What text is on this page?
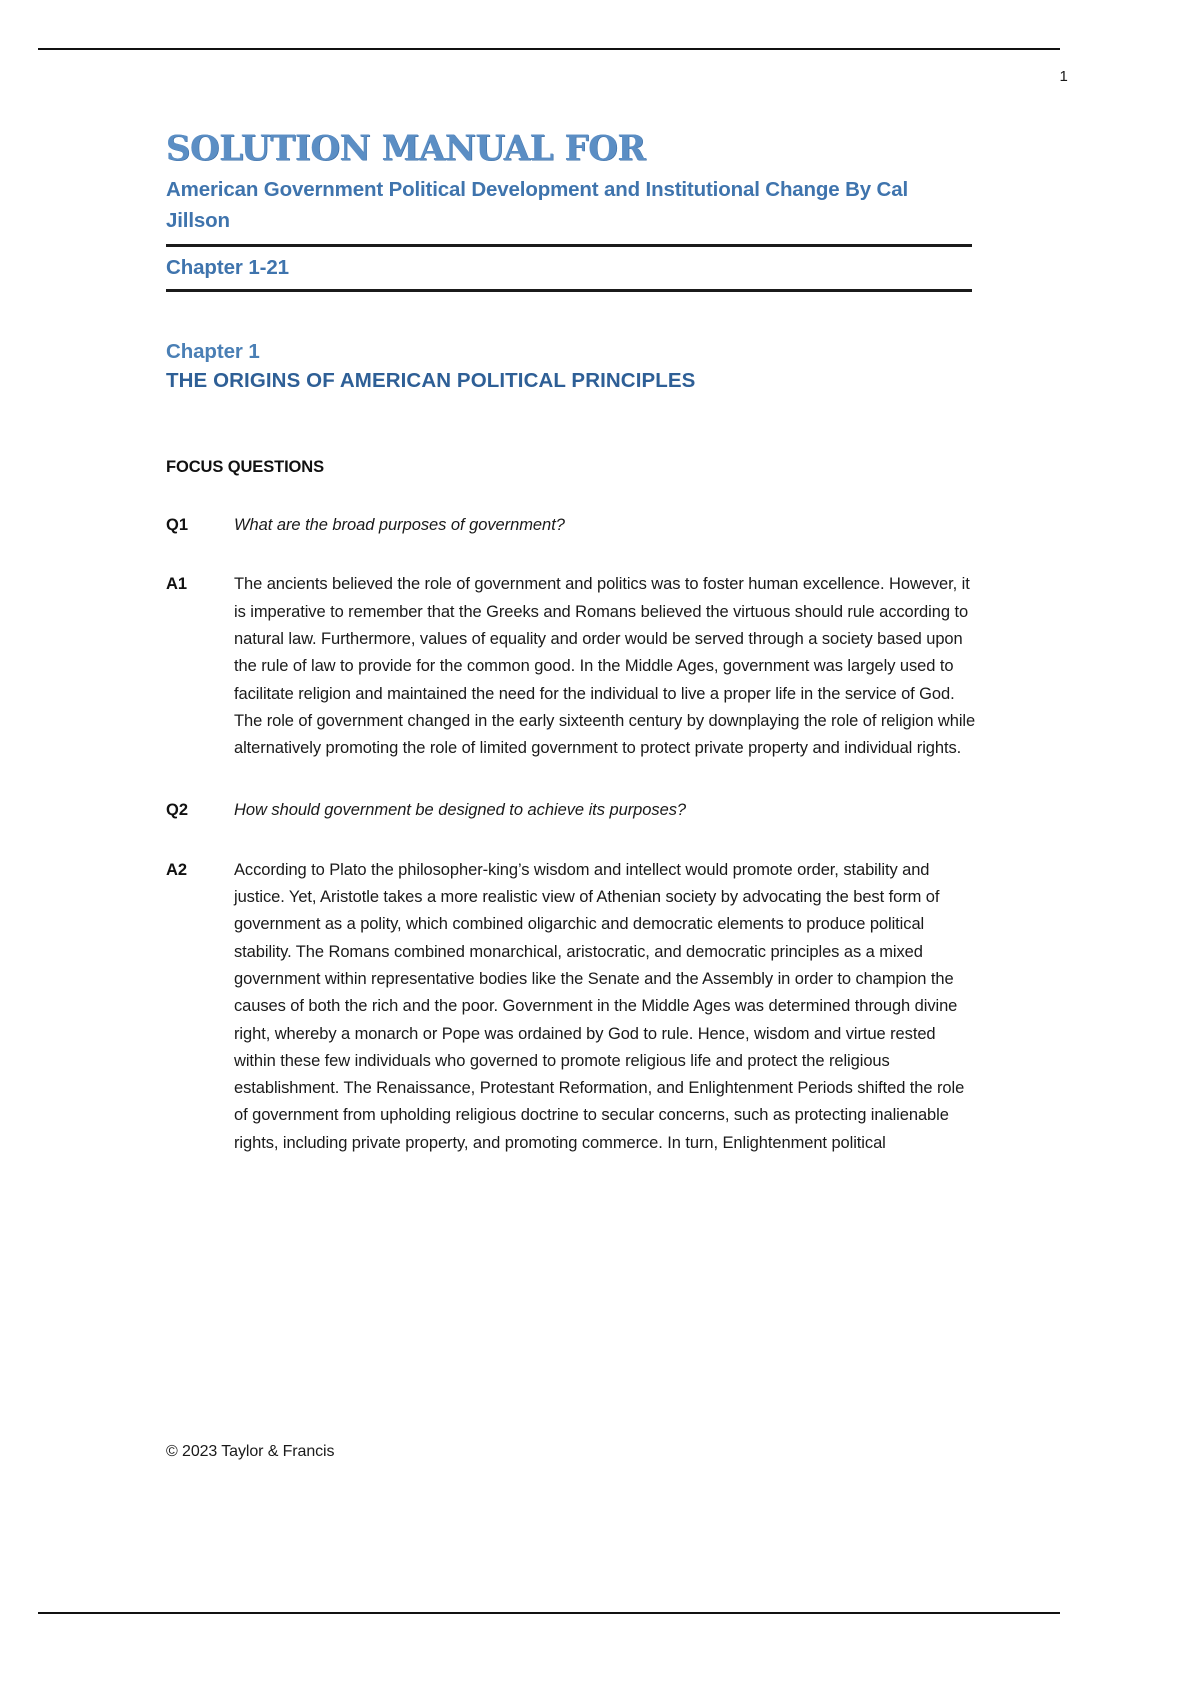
1
SOLUTION MANUAL FOR
American Government Political Development and Institutional Change By Cal Jillson
Chapter 1-21
Chapter 1
THE ORIGINS OF AMERICAN POLITICAL PRINCIPLES
FOCUS QUESTIONS
Q1	What are the broad purposes of government?
A1	The ancients believed the role of government and politics was to foster human excellence. However, it is imperative to remember that the Greeks and Romans believed the virtuous should rule according to natural law. Furthermore, values of equality and order would be served through a society based upon the rule of law to provide for the common good. In the Middle Ages, government was largely used to facilitate religion and maintained the need for the individual to live a proper life in the service of God. The role of government changed in the early sixteenth century by downplaying the role of religion while alternatively promoting the role of limited government to protect private property and individual rights.
Q2	How should government be designed to achieve its purposes?
A2	According to Plato the philosopher-king’s wisdom and intellect would promote order, stability and justice. Yet, Aristotle takes a more realistic view of Athenian society by advocating the best form of government as a polity, which combined oligarchic and democratic elements to produce political stability. The Romans combined monarchical, aristocratic, and democratic principles as a mixed government within representative bodies like the Senate and the Assembly in order to champion the causes of both the rich and the poor. Government in the Middle Ages was determined through divine right, whereby a monarch or Pope was ordained by God to rule. Hence, wisdom and virtue rested within these few individuals who governed to promote religious life and protect the religious establishment. The Renaissance, Protestant Reformation, and Enlightenment Periods shifted the role of government from upholding religious doctrine to secular concerns, such as protecting inalienable rights, including private property, and promoting commerce. In turn, Enlightenment political
© 2023 Taylor & Francis
